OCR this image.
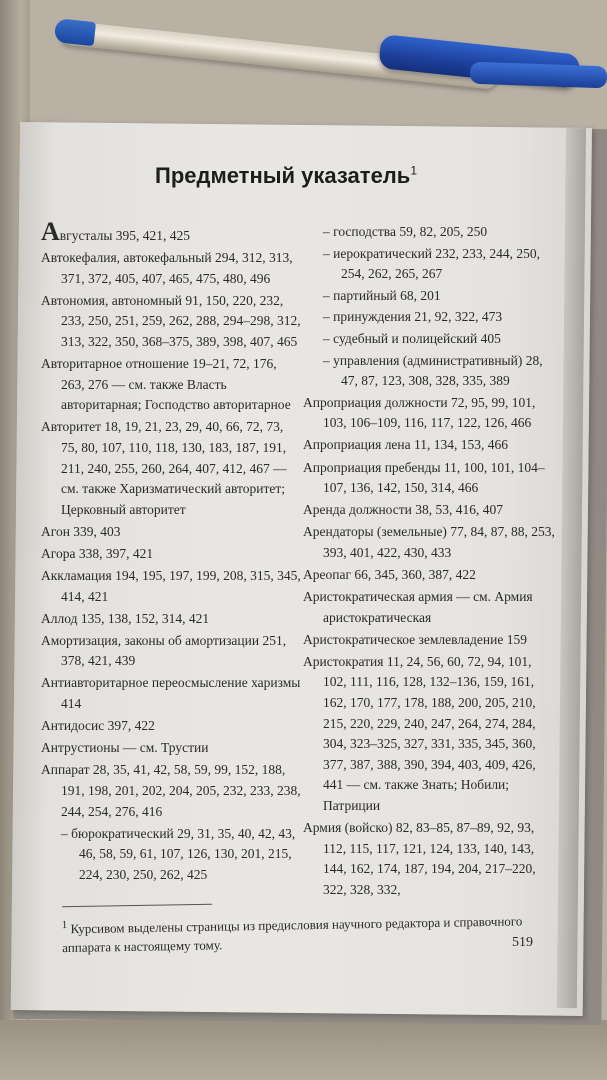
Предметный указатель$^1$
Августалы 395, 421, 425
Автокефалия, автокефальный 294, 312, 313, 371, 372, 405, 407, 465, 475, 480, 496
Автономия, автономный 91, 150, 220, 232, 233, 250, 251, 259, 262, 288, 294–298, 312, 313, 322, 350, 368–375, 389, 398, 407, 465
Авторитарное отношение 19–21, 72, 176, 263, 276 — см. также Власть авторитарная; Господство авторитарное
Авторитет 18, 19, 21, 23, 29, 40, 66, 72, 73, 75, 80, 107, 110, 118, 130, 183, 187, 191, 211, 240, 255, 260, 264, 407, 412, 467 — см. также Харизматический авторитет; Церковный авторитет
Агон 339, 403
Агора 338, 397, 421
Аккламация 194, 195, 197, 199, 208, 315, 345, 414, 421
Аллод 135, 138, 152, 314, 421
Амортизация, законы об амортизации 251, 378, 421, 439
Антиавторитарное переосмысление харизмы 414
Антидосис 397, 422
Антрустионы — см. Трустии
Аппарат 28, 35, 41, 42, 58, 59, 99, 152, 188, 191, 198, 201, 202, 204, 205, 232, 233, 238, 244, 254, 276, 416
– бюрократический 29, 31, 35, 40, 42, 43, 46, 58, 59, 61, 107, 126, 130, 201, 215, 224, 230, 250, 262, 425
– господства 59, 82, 205, 250
– иерократический 232, 233, 244, 250, 254, 262, 265, 267
– партийный 68, 201
– принуждения 21, 92, 322, 473
– судебный и полицейский 405
– управления (административный) 28, 47, 87, 123, 308, 328, 335, 389
Апроприация должности 72, 95, 99, 101, 103, 106–109, 116, 117, 122, 126, 466
Апроприация лена 11, 134, 153, 466
Апроприация пребенды 11, 100, 101, 104–107, 136, 142, 150, 314, 466
Аренда должности 38, 53, 416, 407
Арендаторы (земельные) 77, 84, 87, 88, 253, 393, 401, 422, 430, 433
Ареопаг 66, 345, 360, 387, 422
Аристократическая армия — см. Армия аристократическая
Аристократическое землевладение 159
Аристократия 11, 24, 56, 60, 72, 94, 101, 102, 111, 116, 128, 132–136, 159, 161, 162, 170, 177, 178, 188, 200, 205, 210, 215, 220, 229, 240, 247, 264, 274, 284, 304, 323–325, 327, 331, 335, 345, 360, 377, 387, 388, 390, 394, 403, 409, 426, 441 — см. также Знать; Нобили; Патриции
Армия (войско) 82, 83–85, 87–89, 92, 93, 112, 115, 117, 121, 124, 133, 140, 143, 144, 162, 174, 187, 194, 204, 217–220, 322, 328, 332,
$^1$ Курсивом выделены страницы из предисловия научного редактора и справочного аппарата к настоящему тому.	519
